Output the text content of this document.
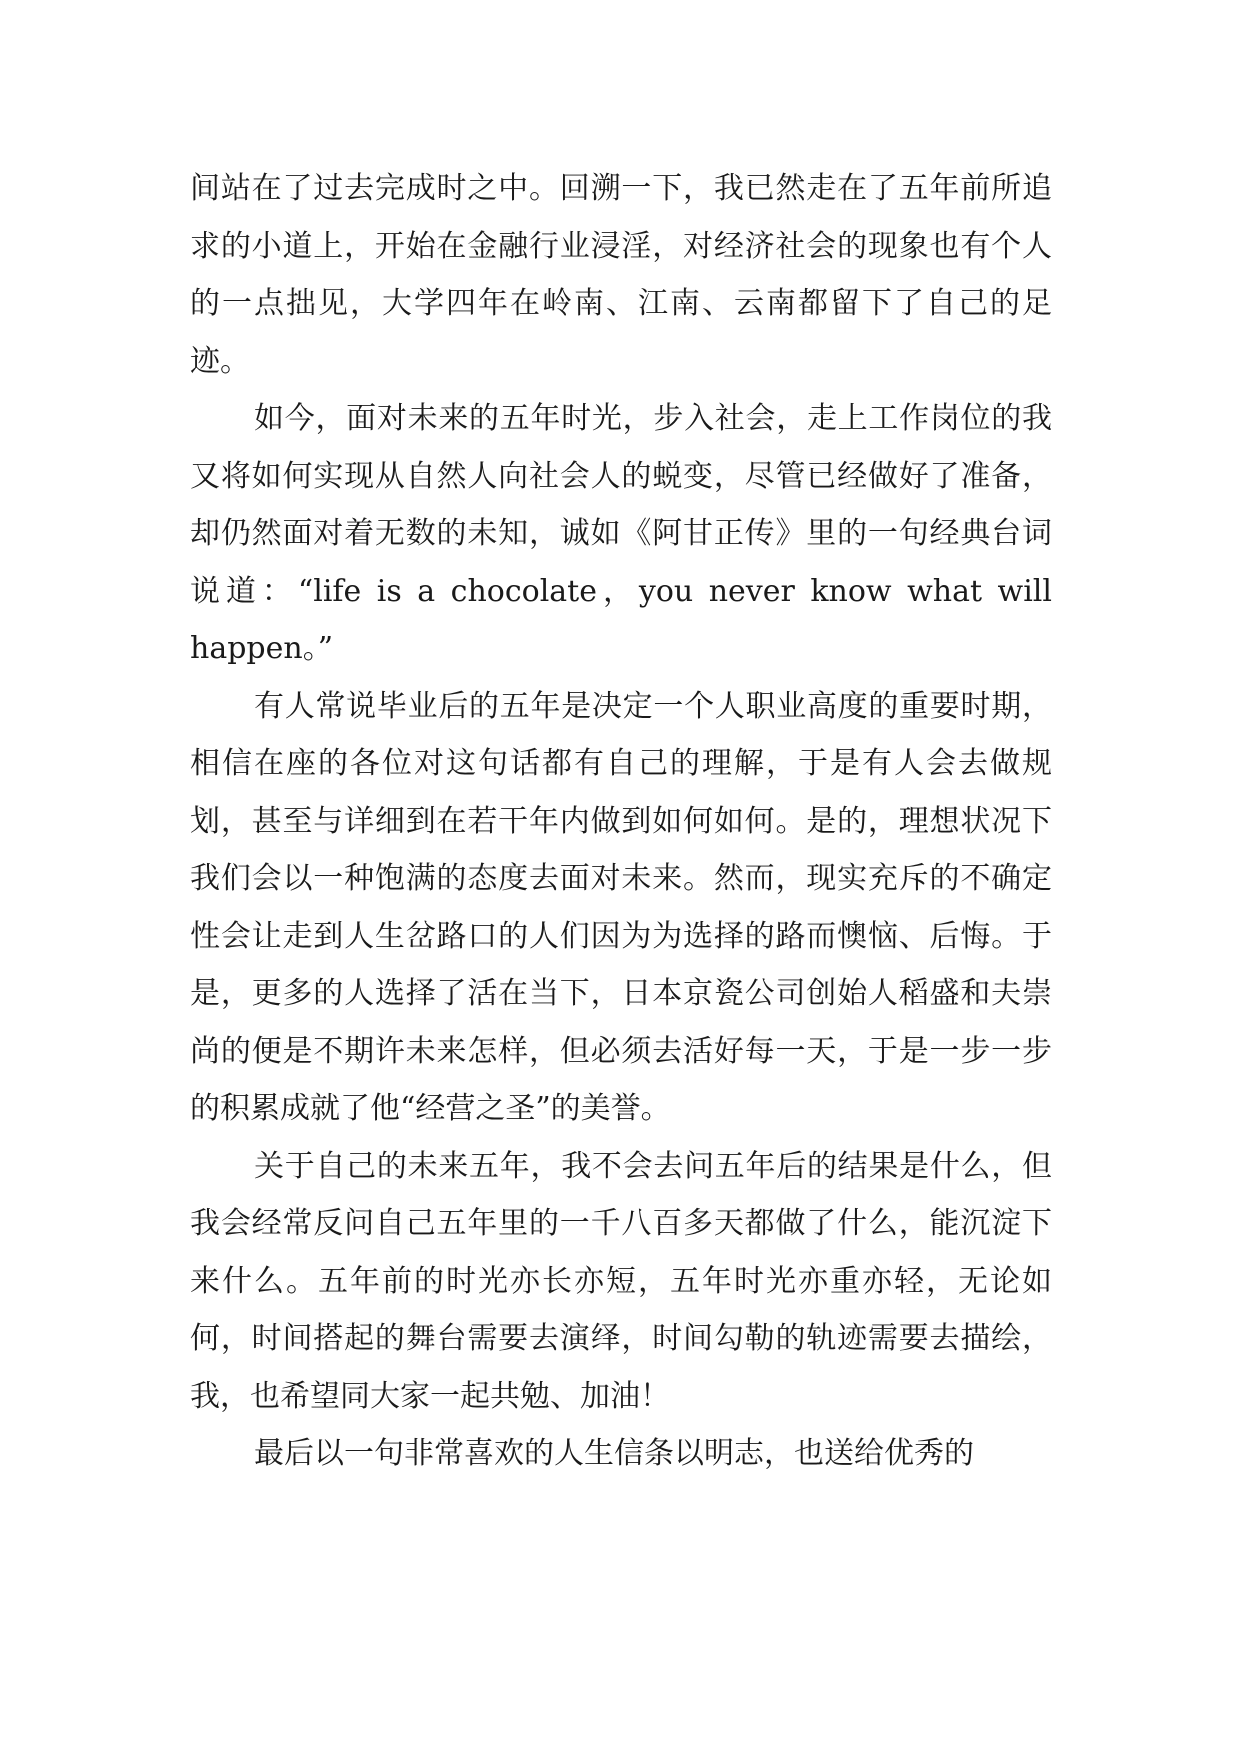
间站在了过去完成时之中。回溯一下，我已然走在了五年前所追求的小道上，开始在金融行业浸淫，对经济社会的现象也有个人的一点拙见，大学四年在岭南、江南、云南都留下了自己的足迹。

如今，面对未来的五年时光，步入社会，走上工作岗位的我又将如何实现从自然人向社会人的蜕变，尽管已经做好了准备，却仍然面对着无数的未知，诚如《阿甘正传》里的一句经典台词说道：“life is a chocolate，you never know what will happen。”

有人常说毕业后的五年是决定一个人职业高度的重要时期，相信在座的各位对这句话都有自己的理解，于是有人会去做规划，甚至与详细到在若干年内做到如何如何。是的，理想状况下我们会以一种饱满的态度去面对未来。然而，现实充斥的不确定性会让走到人生岔路口的人们因为为选择的路而懊恼、后悔。于是，更多的人选择了活在当下，日本京瓷公司创始人稻盛和夫崇尚的便是不期许未来怎样，但必须去活好每一天，于是一步一步的积累成就了他“经营之圣”的美誉。

关于自己的未来五年，我不会去问五年后的结果是什么，但我会经常反问自己五年里的一千八百多天都做了什么，能沉淀下来什么。五年前的时光亦长亦短，五年时光亦重亦轻，无论如何，时间搭起的舞台需要去演绎，时间勾勒的轨迹需要去描绘，我，也希望同大家一起共勉、加油！

最后以一句非常喜欢的人生信条以明志，也送给优秀的
